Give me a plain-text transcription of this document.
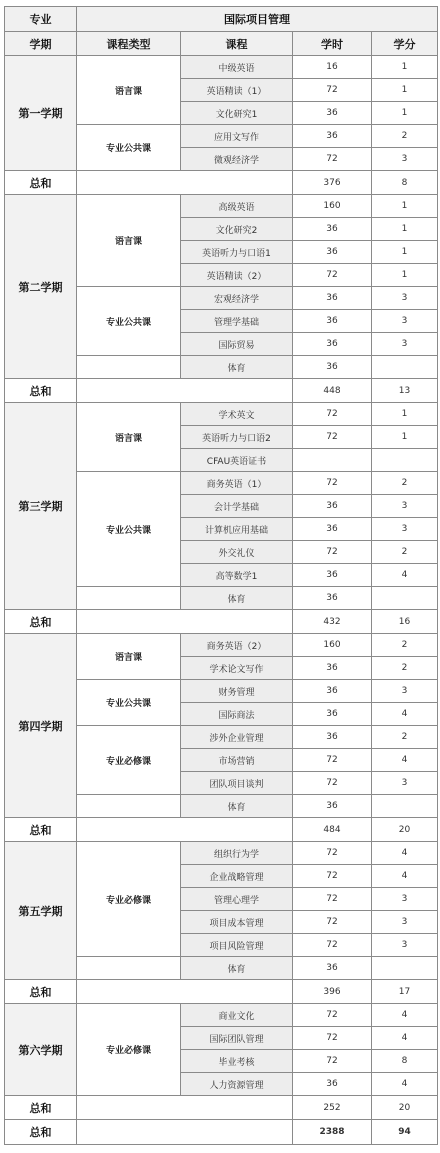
专业	国际项目管理			
学期	课程类型	课程	学时	学分
第一学期	语言课	中级英语	16	1
		英语精读（1）	72	1
		文化研究1	36	1
	专业公共课	应用文写作	36	2
		微观经济学	72	3
总和			376	8
第二学期	语言课	高级英语	160	1
		文化研究2	36	1
		英语听力与口语1	36	1
		英语精读（2）	72	1
	专业公共课	宏观经济学	36	3
		管理学基础	36	3
		国际贸易	36	3
		体育	36	
总和			448	13
第三学期	语言课	学术英文	72	1
		英语听力与口语2	72	1
		CFAU英语证书		
	专业公共课	商务英语（1）	72	2
		会计学基础	36	3
		计算机应用基础	36	3
		外交礼仪	72	2
		高等数学1	36	4
		体育	36	
总和			432	16
第四学期	语言课	商务英语（2）	160	2
		学术论文写作	36	2
	专业公共课	财务管理	36	3
		国际商法	36	4
	专业必修课	涉外企业管理	36	2
		市场营销	72	4
		团队项目谈判	72	3
		体育	36	
总和			484	20
第五学期	专业必修课	组织行为学	72	4
		企业战略管理	72	4
		管理心理学	72	3
		项目成本管理	72	3
		项目风险管理	72	3
		体育	36	
总和			396	17
第六学期	专业必修课	商业文化	72	4
		国际团队管理	72	4
		毕业考核	72	8
		人力资源管理	36	4
总和			252	20
总和			2388	94
